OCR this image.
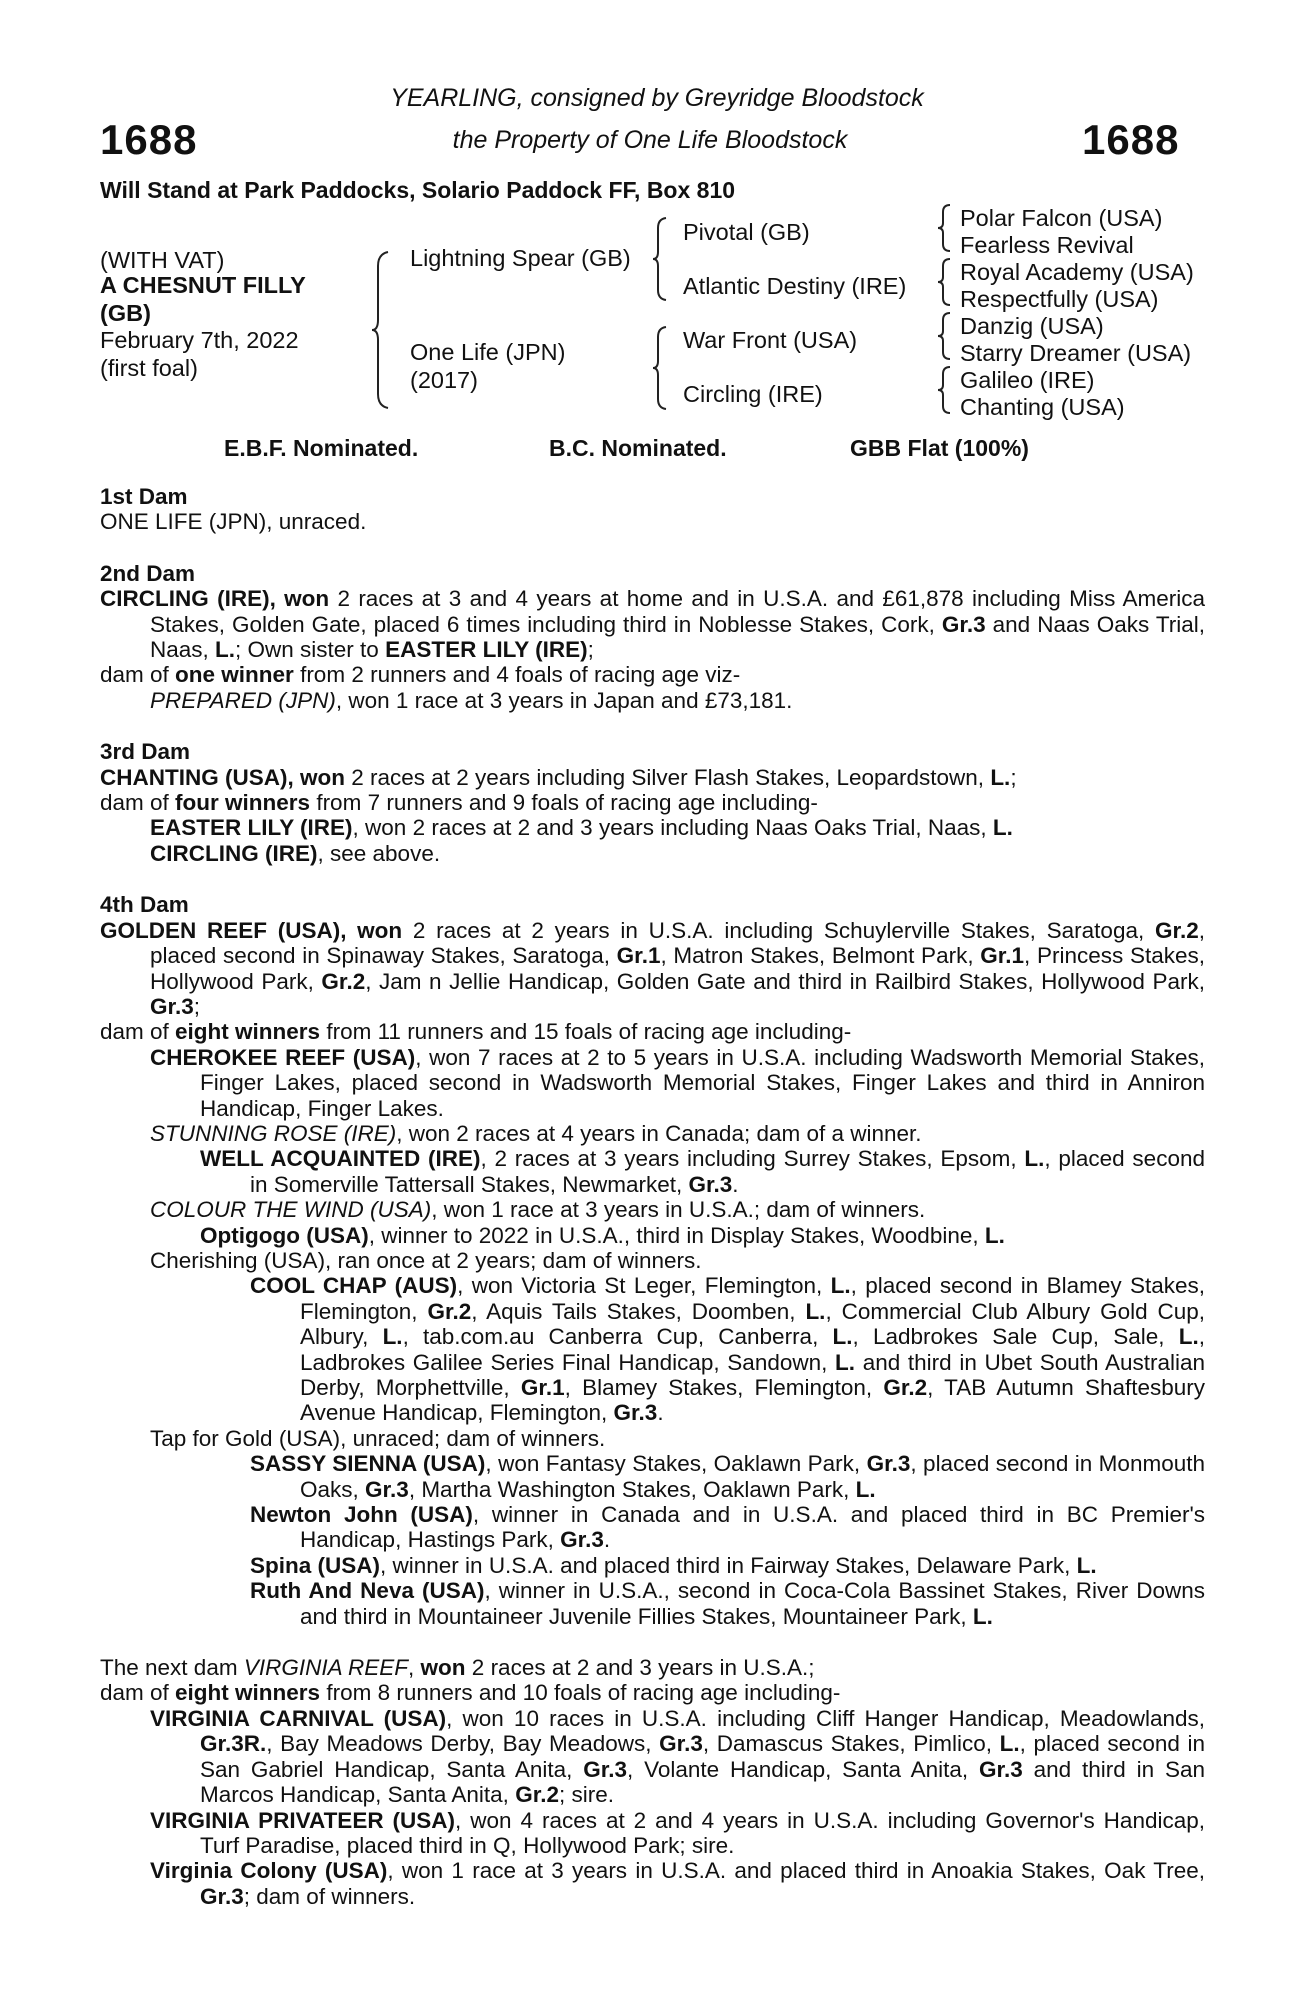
1688	1688
YEARLING, consigned by Greyridge Bloodstock
the Property of One Life Bloodstock
Will Stand at Park Paddocks, Solario Paddock FF, Box 810
(WITH VAT)
A CHESNUT FILLY
(GB)
February 7th, 2022
(first foal)
Lightning Spear (GB)
One Life (JPN)
(2017)
Pivotal (GB)
Atlantic Destiny (IRE)
War Front (USA)
Circling (IRE)
Polar Falcon (USA)
Fearless Revival
Royal Academy (USA)
Respectfully (USA)
Danzig (USA)
Starry Dreamer (USA)
Galileo (IRE)
Chanting (USA)
E.B.F. Nominated.	B.C. Nominated.	GBB Flat (100%)
1st Dam
ONE LIFE (JPN), unraced.
2nd Dam

CIRCLING (IRE), won 2 races at 3 and 4 years at home and in U.S.A. and £61,878 including Miss America Stakes, Golden Gate, placed 6 times including third in Noblesse Stakes, Cork, Gr.3 and Naas Oaks Trial, Naas, L.; Own sister to EASTER LILY (IRE);

dam of one winner from 2 runners and 4 foals of racing age viz-

PREPARED (JPN), won 1 race at 3 years in Japan and £73,181.

3rd Dam

CHANTING (USA), won 2 races at 2 years including Silver Flash Stakes, Leopardstown, L.;

dam of four winners from 7 runners and 9 foals of racing age including-

EASTER LILY (IRE), won 2 races at 2 and 3 years including Naas Oaks Trial, Naas, L.

CIRCLING (IRE), see above.

4th Dam

GOLDEN REEF (USA), won 2 races at 2 years in U.S.A. including Schuylerville Stakes, Saratoga, Gr.2, placed second in Spinaway Stakes, Saratoga, Gr.1, Matron Stakes, Belmont Park, Gr.1, Princess Stakes, Hollywood Park, Gr.2, Jam n Jellie Handicap, Golden Gate and third in Railbird Stakes, Hollywood Park, Gr.3;

dam of eight winners from 11 runners and 15 foals of racing age including-

CHEROKEE REEF (USA), won 7 races at 2 to 5 years in U.S.A. including Wadsworth Memorial Stakes, Finger Lakes, placed second in Wadsworth Memorial Stakes, Finger Lakes and third in Anniron Handicap, Finger Lakes.

STUNNING ROSE (IRE), won 2 races at 4 years in Canada; dam of a winner.

WELL ACQUAINTED (IRE), 2 races at 3 years including Surrey Stakes, Epsom, L., placed second in Somerville Tattersall Stakes, Newmarket, Gr.3.

COLOUR THE WIND (USA), won 1 race at 3 years in U.S.A.; dam of winners.

Optigogo (USA), winner to 2022 in U.S.A., third in Display Stakes, Woodbine, L.

Cherishing (USA), ran once at 2 years; dam of winners.

COOL CHAP (AUS), won Victoria St Leger, Flemington, L., placed second in Blamey Stakes, Flemington, Gr.2, Aquis Tails Stakes, Doomben, L., Commercial Club Albury Gold Cup, Albury, L., tab.com.au Canberra Cup, Canberra, L., Ladbrokes Sale Cup, Sale, L., Ladbrokes Galilee Series Final Handicap, Sandown, L. and third in Ubet South Australian Derby, Morphettville, Gr.1, Blamey Stakes, Flemington, Gr.2, TAB Autumn Shaftesbury Avenue Handicap, Flemington, Gr.3.

Tap for Gold (USA), unraced; dam of winners.

SASSY SIENNA (USA), won Fantasy Stakes, Oaklawn Park, Gr.3, placed second in Monmouth Oaks, Gr.3, Martha Washington Stakes, Oaklawn Park, L.

Newton John (USA), winner in Canada and in U.S.A. and placed third in BC Premier's Handicap, Hastings Park, Gr.3.

Spina (USA), winner in U.S.A. and placed third in Fairway Stakes, Delaware Park, L.

Ruth And Neva (USA), winner in U.S.A., second in Coca-Cola Bassinet Stakes, River Downs and third in Mountaineer Juvenile Fillies Stakes, Mountaineer Park, L.

The next dam VIRGINIA REEF, won 2 races at 2 and 3 years in U.S.A.;

dam of eight winners from 8 runners and 10 foals of racing age including-

VIRGINIA CARNIVAL (USA), won 10 races in U.S.A. including Cliff Hanger Handicap, Meadowlands, Gr.3R., Bay Meadows Derby, Bay Meadows, Gr.3, Damascus Stakes, Pimlico, L., placed second in San Gabriel Handicap, Santa Anita, Gr.3, Volante Handicap, Santa Anita, Gr.3 and third in San Marcos Handicap, Santa Anita, Gr.2; sire.

VIRGINIA PRIVATEER (USA), won 4 races at 2 and 4 years in U.S.A. including Governor's Handicap, Turf Paradise, placed third in Q, Hollywood Park; sire.

Virginia Colony (USA), won 1 race at 3 years in U.S.A. and placed third in Anoakia Stakes, Oak Tree, Gr.3; dam of winners.
